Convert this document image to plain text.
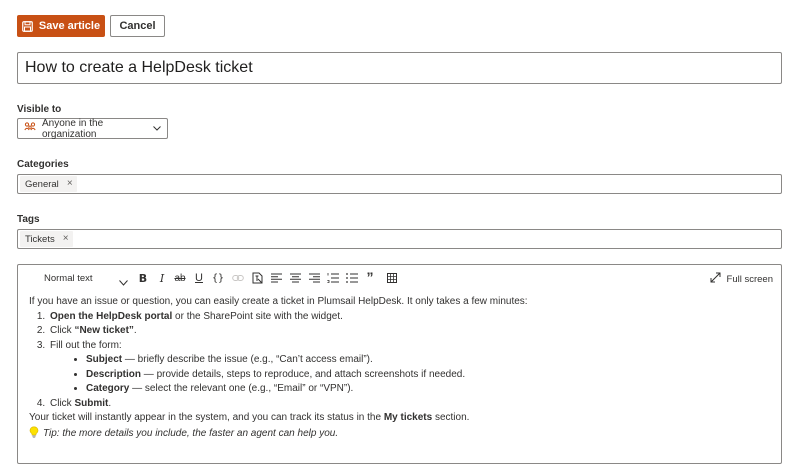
Save article	Cancel
How to create a HelpDesk ticket
Visible to
Anyone in the organization
Categories
General ×
Tags
Tickets ×
Normal text	B	I	ab U {}	”	Full screen

If you have an issue or question, you can easily create a ticket in Plumsail HelpDesk. It only takes a few minutes:

1. Open the HelpDesk portal or the SharePoint site with the widget.
2. Click “New ticket”.
3. Fill out the form:
• Subject — briefly describe the issue (e.g., “Can’t access email”).
• Description — provide details, steps to reproduce, and attach screenshots if needed.
• Category — select the relevant one (e.g., “Email” or “VPN”).
4. Click Submit.

Your ticket will instantly appear in the system, and you can track its status in the My tickets section.

Tip: the more details you include, the faster an agent can help you.
